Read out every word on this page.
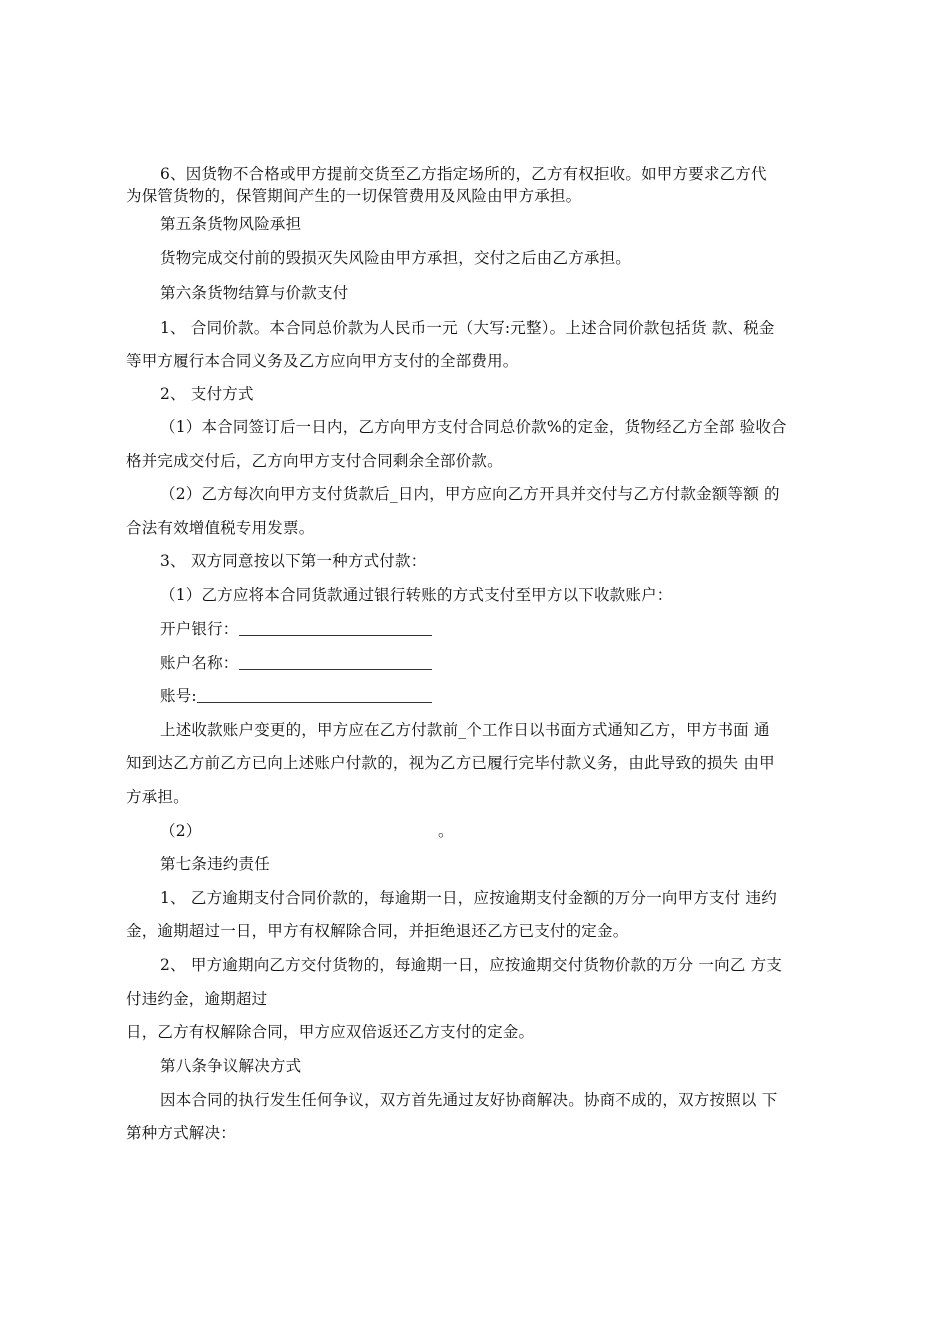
6、因货物不合格或甲方提前交货至乙方指定场所的，乙方有权拒收。如甲方要求乙方代
为保管货物的，保管期间产生的一切保管费用及风险由甲方承担。
第五条货物风险承担
货物完成交付前的毁损灭失风险由甲方承担，交付之后由乙方承担。
第六条货物结算与价款支付
1、 合同价款。本合同总价款为人民币一元（大写:元整）。上述合同价款包括货 款、税金
等甲方履行本合同义务及乙方应向甲方支付的全部费用。
2、 支付方式
（1）本合同签订后一日内，乙方向甲方支付合同总价款%的定金，货物经乙方全部 验收合
格并完成交付后，乙方向甲方支付合同剩余全部价款。
（2）乙方每次向甲方支付货款后_日内，甲方应向乙方开具并交付与乙方付款金额等额 的
合法有效增值税专用发票。
3、 双方同意按以下第一种方式付款：
（1）乙方应将本合同货款通过银行转账的方式支付至甲方以下收款账户：
开户银行：
账户名称：
账号:
上述收款账户变更的，甲方应在乙方付款前_个工作日以书面方式通知乙方，甲方书面 通
知到达乙方前乙方已向上述账户付款的，视为乙方已履行完毕付款义务，由此导致的损失 由甲
方承担。
（2）	。
第七条违约责任
1、 乙方逾期支付合同价款的，每逾期一日，应按逾期支付金额的万分一向甲方支付 违约
金，逾期超过一日，甲方有权解除合同，并拒绝退还乙方已支付的定金。
2、 甲方逾期向乙方交付货物的，每逾期一日，应按逾期交付货物价款的万分 一向乙 方支
付违约金，逾期超过
日，乙方有权解除合同，甲方应双倍返还乙方支付的定金。
第八条争议解决方式
因本合同的执行发生任何争议，双方首先通过友好协商解决。协商不成的，双方按照以 下
第种方式解决：
